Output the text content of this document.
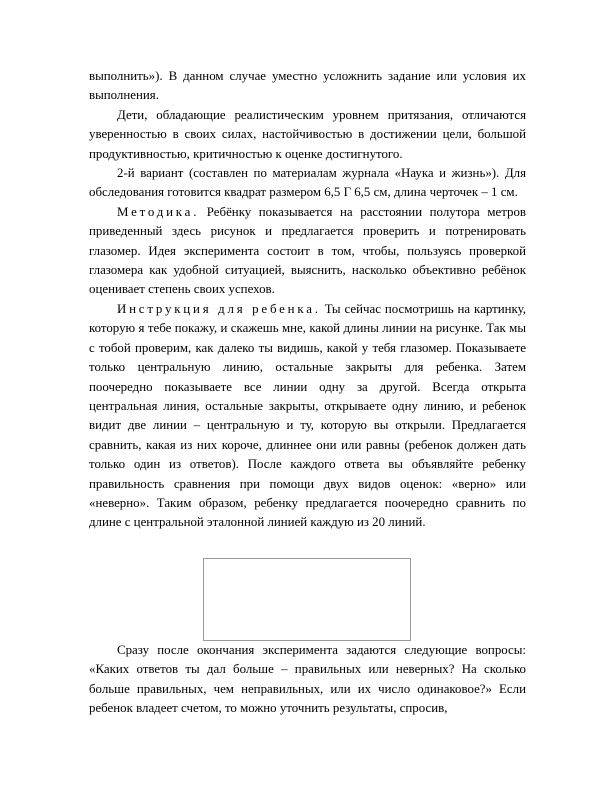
выполнить»). В данном случае уместно усложнить задание или условия их выполнения.

Дети, обладающие реалистическим уровнем притязания, отличаются уверенностью в своих силах, настойчивостью в достижении цели, большой продуктивностью, критичностью к оценке достигнутого.

2-й вариант (составлен по материалам журнала «Наука и жизнь»). Для обследования готовится квадрат размером 6,5 Г 6,5 см, длина черточек – 1 см.

Методика. Ребёнку показывается на расстоянии полутора метров приведенный здесь рисунок и предлагается проверить и потренировать глазомер. Идея эксперимента состоит в том, чтобы, пользуясь проверкой глазомера как удобной ситуацией, выяснить, насколько объективно ребёнок оценивает степень своих успехов.

Инструкция для ребенка. Ты сейчас посмотришь на картинку, которую я тебе покажу, и скажешь мне, какой длины линии на рисунке. Так мы с тобой проверим, как далеко ты видишь, какой у тебя глазомер. Показываете только центральную линию, остальные закрыты для ребенка. Затем поочередно показываете все линии одну за другой. Всегда открыта центральная линия, остальные закрыты, открываете одну линию, и ребенок видит две линии – центральную и ту, которую вы открыли. Предлагается сравнить, какая из них короче, длиннее они или равны (ребенок должен дать только один из ответов). После каждого ответа вы объявляйте ребенку правильность сравнения при помощи двух видов оценок: «верно» или «неверно». Таким образом, ребенку предлагается поочередно сравнить по длине с центральной эталонной линией каждую из 20 линий.

Сразу после окончания эксперимента задаются следующие вопросы: «Каких ответов ты дал больше – правильных или неверных? На сколько больше правильных, чем неправильных, или их число одинаковое?» Если ребенок владеет счетом, то можно уточнить результаты, спросив,
